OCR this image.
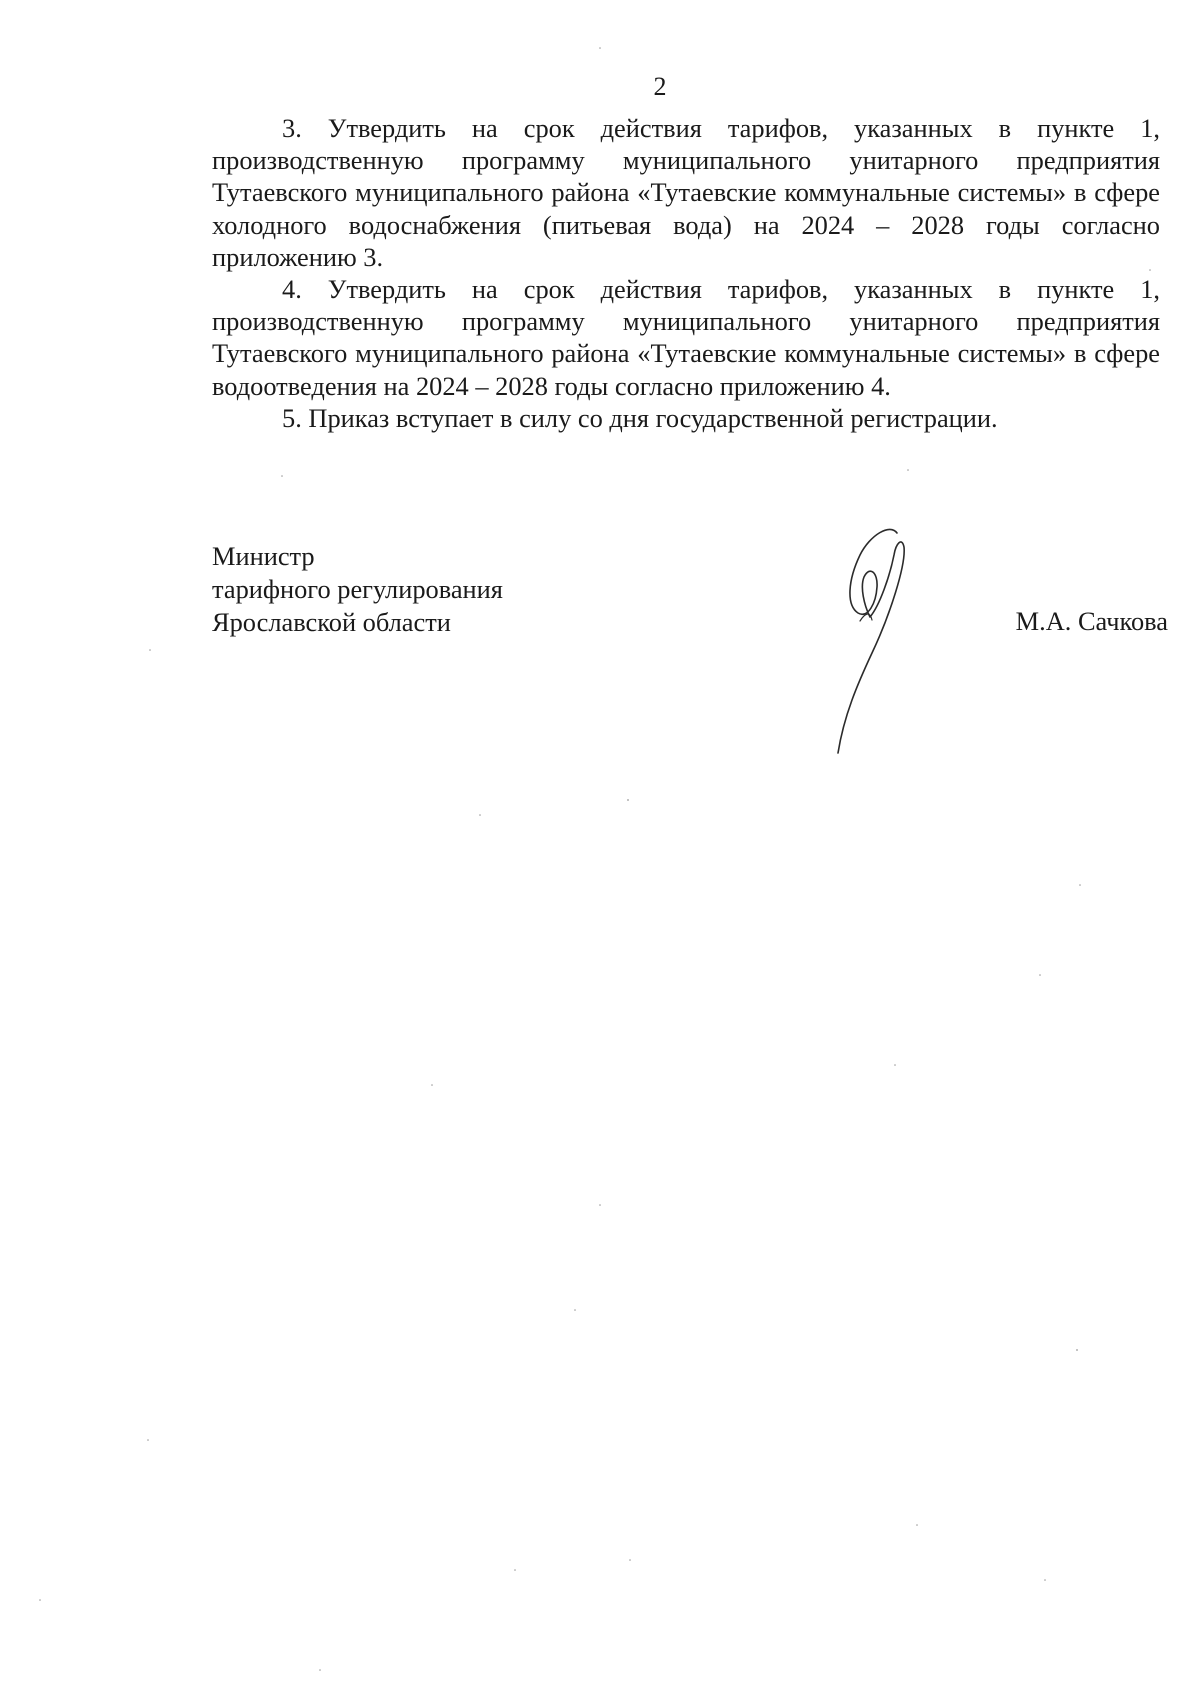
2

3. Утвердить на срок действия тарифов, указанных в пункте 1, производственную программу муниципального унитарного предприятия Тутаевского муниципального района «Тутаевские коммунальные системы» в сфере холодного водоснабжения (питьевая вода) на 2024 – 2028 годы согласно приложению 3.

4. Утвердить на срок действия тарифов, указанных в пункте 1, производственную программу муниципального унитарного предприятия Тутаевского муниципального района «Тутаевские коммунальные системы» в сфере водоотведения на 2024 – 2028 годы согласно приложению 4.

5. Приказ вступает в силу со дня государственной регистрации.

Министр
тарифного регулирования
Ярославской области	М.А. Сачкова
